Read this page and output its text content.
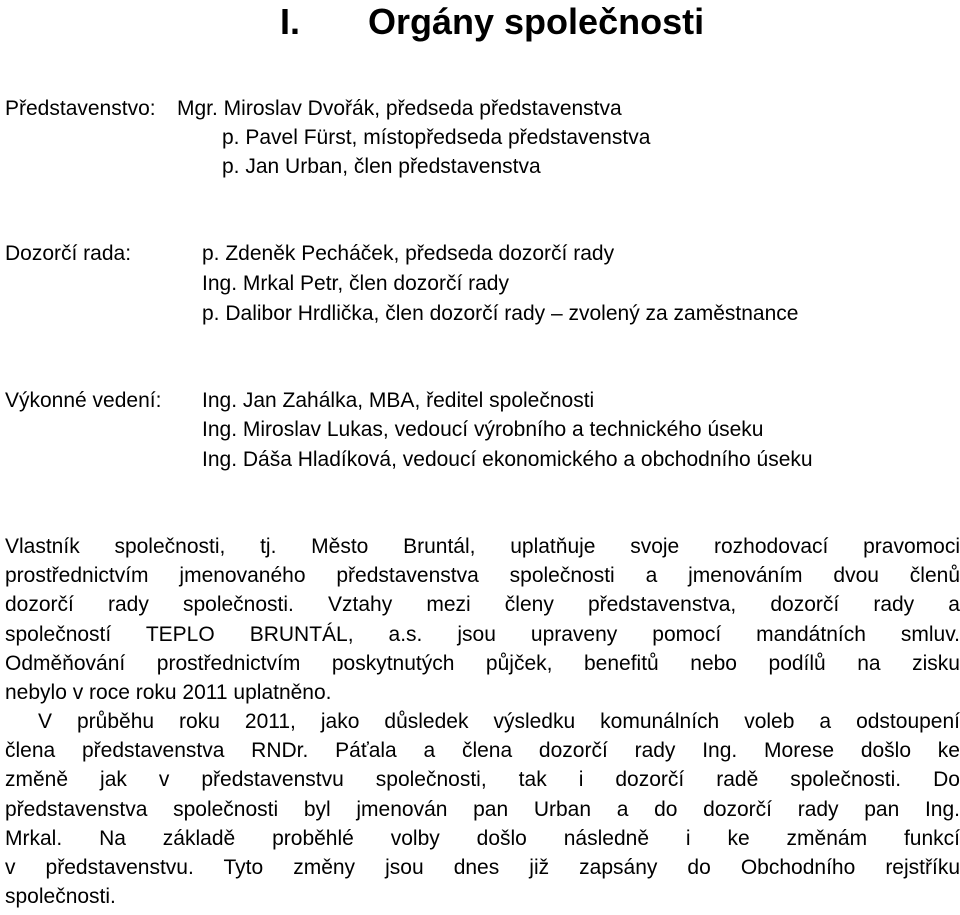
I. Orgány společnosti
Představenstvo: Mgr. Miroslav Dvořák, předseda představenstva
p. Pavel Fürst, místopředseda představenstva
p. Jan Urban, člen představenstva
Dozorčí rada:	p. Zdeněk Pecháček, předseda dozorčí rady
Ing. Mrkal Petr, člen dozorčí rady
p. Dalibor Hrdlička, člen dozorčí rady – zvolený za zaměstnance
Výkonné vedení: Ing. Jan Zahálka, MBA, ředitel společnosti
Ing. Miroslav Lukas, vedoucí výrobního a technického úseku
Ing. Dáša Hladíková, vedoucí ekonomického a obchodního úseku
Vlastník společnosti, tj. Město Bruntál, uplatňuje svoje rozhodovací pravomoci
prostřednictvím jmenovaného představenstva společnosti a jmenováním dvou členů
dozorčí rady společnosti. Vztahy mezi členy představenstva, dozorčí rady a
společností TEPLO BRUNTÁL, a.s. jsou upraveny pomocí mandátních smluv.
Odměňování prostřednictvím poskytnutých půjček, benefitů nebo podílů na zisku
nebylo v roce roku 2011 uplatněno.
V průběhu roku 2011, jako důsledek výsledku komunálních voleb a odstoupení
člena představenstva RNDr. Páťala a člena dozorčí rady Ing. Morese došlo ke
změně jak v představenstvu společnosti, tak i dozorčí radě společnosti. Do
představenstva společnosti byl jmenován pan Urban a do dozorčí rady pan Ing.
Mrkal. Na základě proběhlé volby došlo následně i ke změnám funkcí
v představenstvu. Tyto změny jsou dnes již zapsány do Obchodního rejstříku
společnosti.
